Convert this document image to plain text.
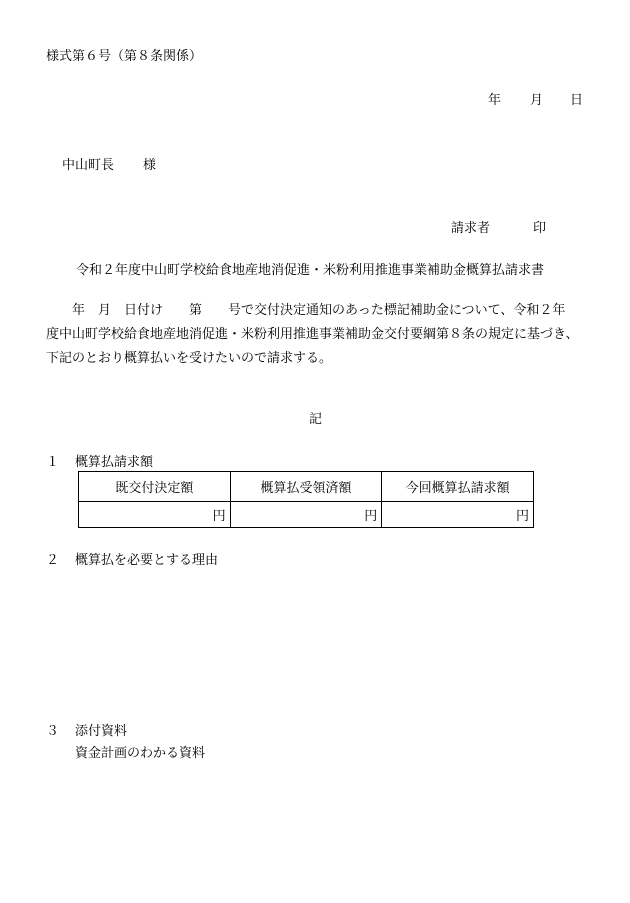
様式第６号（第８条関係）
年 月 日
中山町長 様
請求者	印
令和２年度中山町学校給食地産地消促進・米粉利用推進事業補助金概算払請求書
　　年　月　日付け　　第　　号で交付決定通知のあった標記補助金について、令和２年
度中山町学校給食地産地消促進・米粉利用推進事業補助金交付要綱第８条の規定に基づき、
下記のとおり概算払いを受けたいので請求する。
記
１ 概算払請求額
既交付決定額	概算払受領済額	今回概算払請求額
円	円	円
２ 概算払を必要とする理由
３ 添付資料
資金計画のわかる資料
